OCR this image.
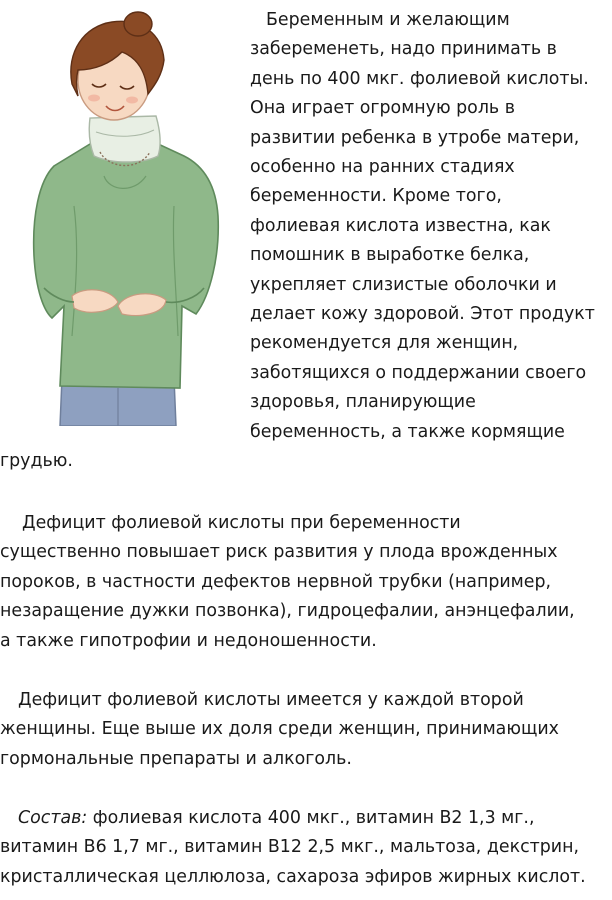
Беременным и желающим
забеременеть, надо принимать в
день по 400 мкг. фолиевой кислоты.
Она играет огромную роль в
развитии ребенка в утробе матери,
особенно на ранних стадиях
беременности. Кроме того,
фолиевая кислота известна, как
помошник в выработке белка,
укрепляет слизистые оболочки и
делает кожу здоровой. Этот продукт
рекомендуется для женщин,
заботящихся о поддержании своего
здоровья, планирующие
беременность, а также кормящие
грудью.
Дефицит фолиевой кислоты при беременности
существенно повышает риск развития у плода врожденных
пороков, в частности дефектов нервной трубки (например,
незаращение дужки позвонка), гидроцефалии, анэнцефалии,
а также гипотрофии и недоношенности.
Дефицит фолиевой кислоты имеется у каждой второй
женщины. Еще выше их доля среди женщин, принимающих
гормональные препараты и алкоголь.
Состав: фолиевая кислота 400 мкг., витамин В2 1,3 мг.,
витамин В6 1,7 мг., витамин В12 2,5 мкг., мальтоза, декстрин,
кристаллическая целлюлоза, сахароза эфиров жирных кислот.
